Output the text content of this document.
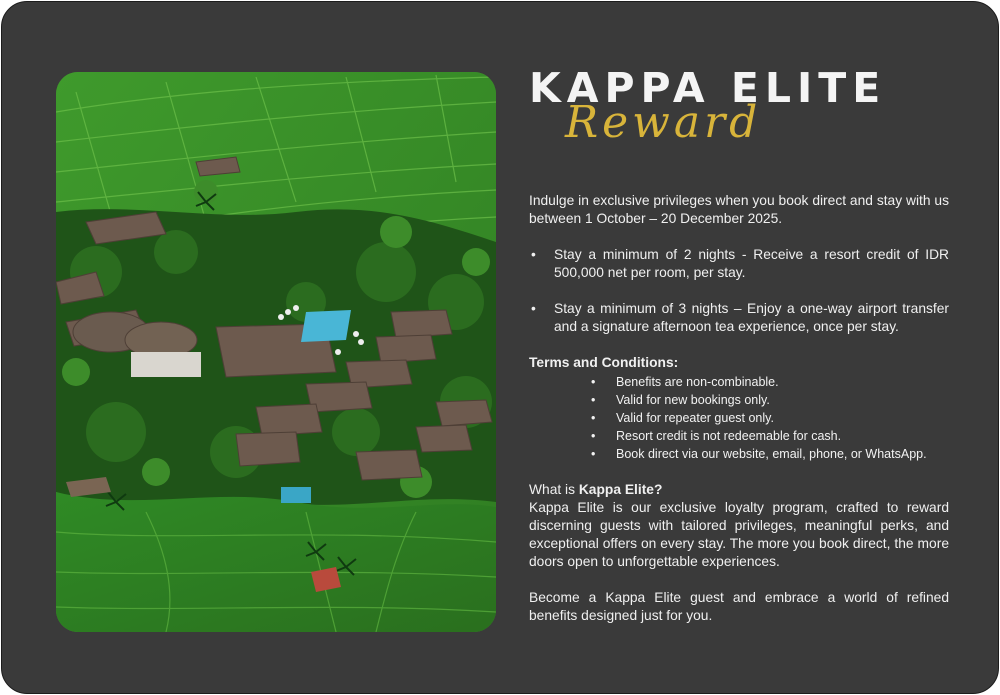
KAPPA ELITE
Reward
Indulge in exclusive privileges when you book direct and stay with us between 1 October – 20 December 2025.
• Stay a minimum of 2 nights - Receive a resort credit of IDR 500,000 net per room, per stay.
• Stay a minimum of 3 nights – Enjoy a one-way airport transfer and a signature afternoon tea experience, once per stay.
Terms and Conditions:
• Benefits are non-combinable.
• Valid for new bookings only.
• Valid for repeater guest only.
• Resort credit is not redeemable for cash.
• Book direct via our website, email, phone, or WhatsApp.
What is Kappa Elite?
Kappa Elite is our exclusive loyalty program, crafted to reward discerning guests with tailored privileges, meaningful perks, and exceptional offers on every stay. The more you book direct, the more doors open to unforgettable experiences.
Become a Kappa Elite guest and embrace a world of refined benefits designed just for you.
